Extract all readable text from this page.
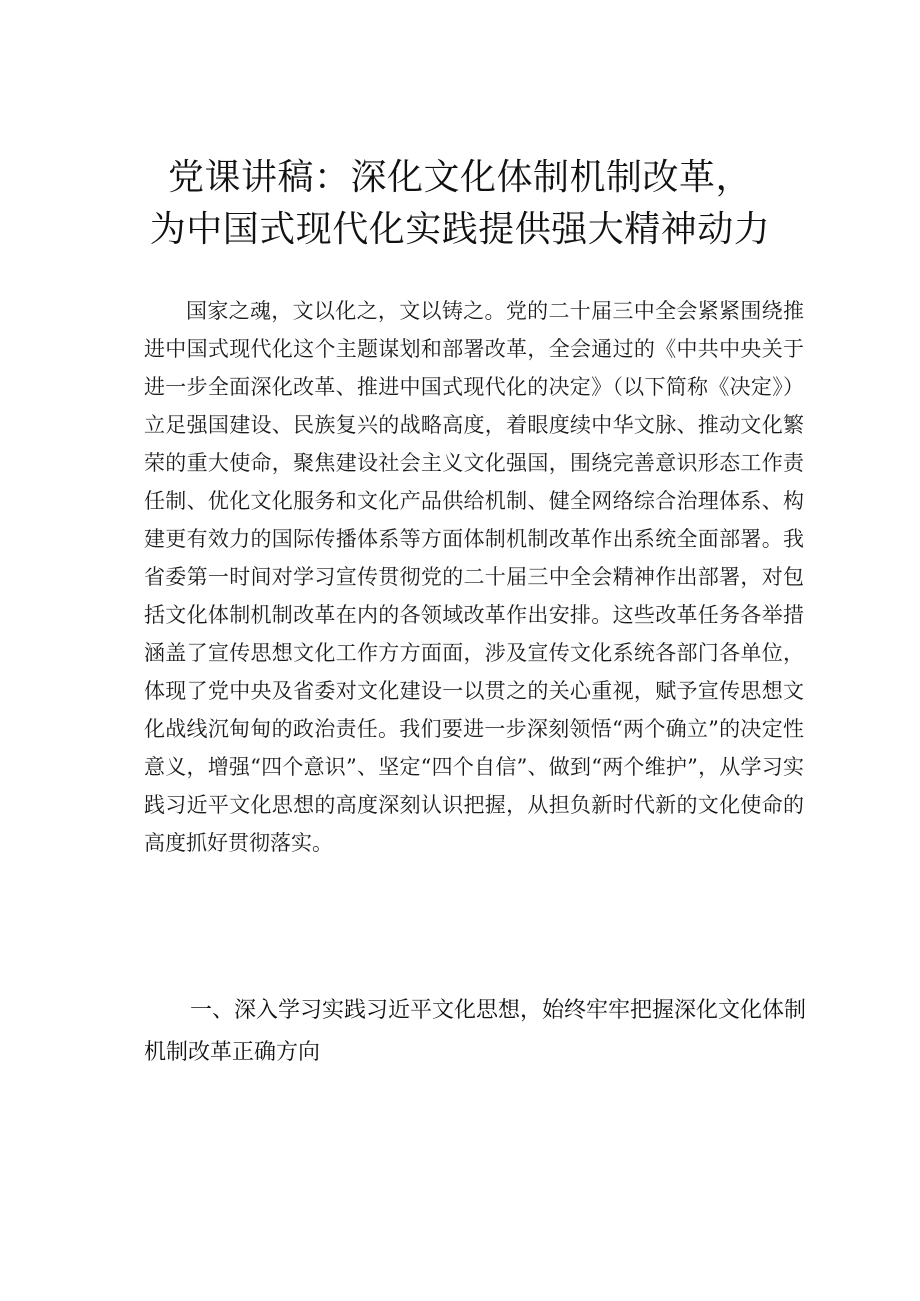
党课讲稿：深化文化体制机制改革，
为中国式现代化实践提供强大精神动力

国家之魂，文以化之，文以铸之。党的二十届三中全会紧紧围绕推进中国式现代化这个主题谋划和部署改革，全会通过的《中共中央关于进一步全面深化改革、推进中国式现代化的决定》（以下简称《决定》）立足强国建设、民族复兴的战略高度，着眼度续中华文脉、推动文化繁荣的重大使命，聚焦建设社会主义文化强国，围绕完善意识形态工作责任制、优化文化服务和文化产品供给机制、健全网络综合治理体系、构建更有效力的国际传播体系等方面体制机制改革作出系统全面部署。我省委第一时间对学习宣传贯彻党的二十届三中全会精神作出部署，对包括文化体制机制改革在内的各领域改革作出安排。这些改革任务各举措涵盖了宣传思想文化工作方方面面，涉及宣传文化系统各部门各单位，体现了党中央及省委对文化建设一以贯之的关心重视，赋予宣传思想文化战线沉甸甸的政治责任。我们要进一步深刻领悟“两个确立”的决定性意义，增强“四个意识”、坚定“四个自信”、做到“两个维护”，从学习实践习近平文化思想的高度深刻认识把握，从担负新时代新的文化使命的高度抓好贯彻落实。

一、深入学习实践习近平文化思想，始终牢牢把握深化文化体制机制改革正确方向
